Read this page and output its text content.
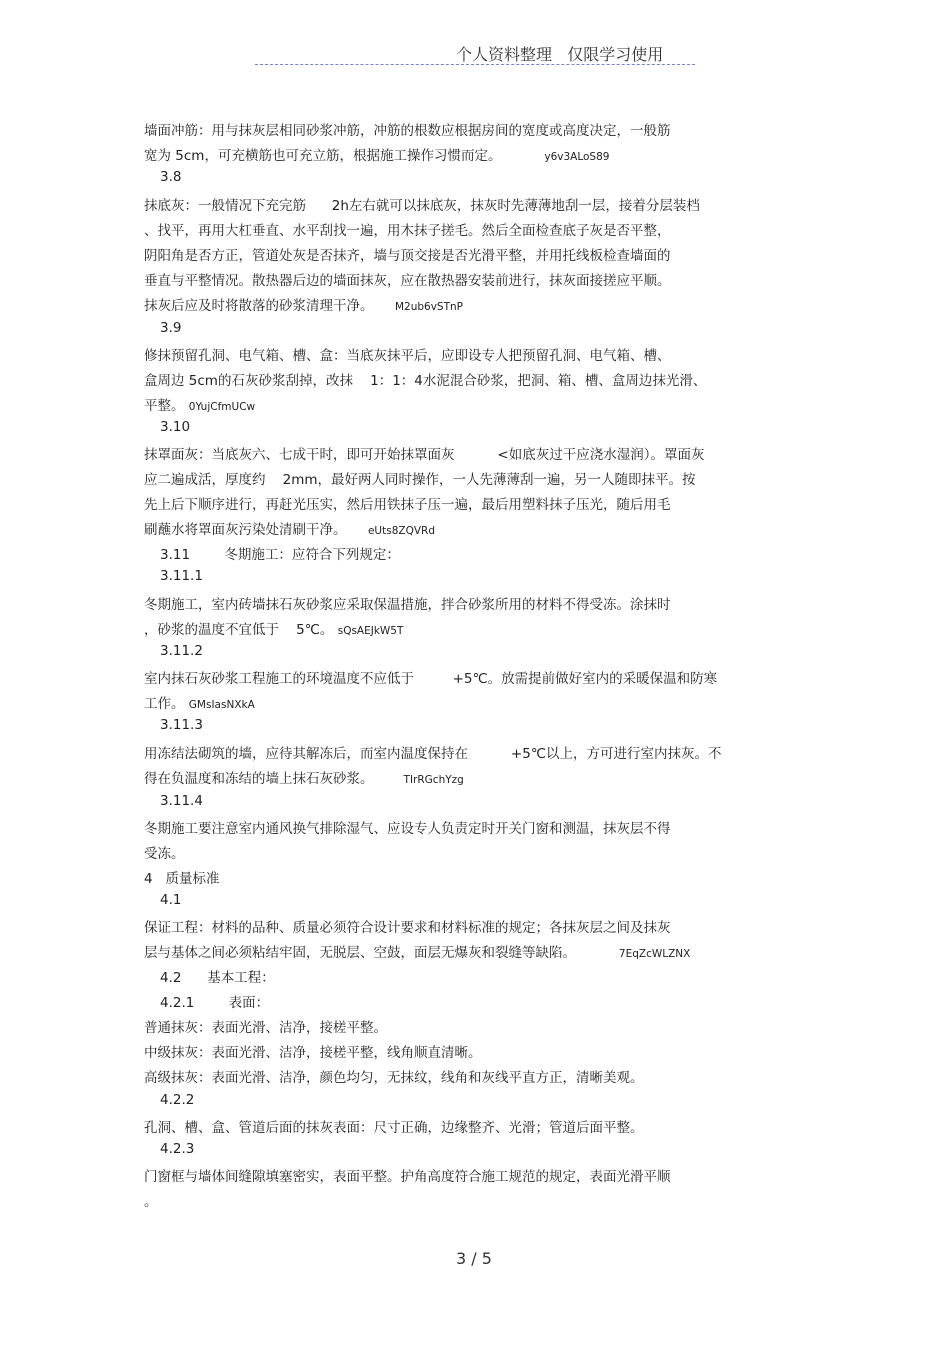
个人资料整理   仅限学习使用
墙面冲筋：用与抹灰层相同砂浆冲筋，冲筋的根数应根据房间的宽度或高度决定，一般筋
宽为 5cm，可充横筋也可充立筋，根据施工操作习惯而定。          y6v3ALoS89
3.8
抹底灰：一般情况下充完筋      2h左右就可以抹底灰，抹灰时先薄薄地刮一层，接着分层装档
、找平，再用大杠垂直、水平刮找一遍，用木抹子搓毛。然后全面检查底子灰是否平整，
阴阳角是否方正，管道处灰是否抹齐，墙与顶交接是否光滑平整，并用托线板检查墙面的
垂直与平整情况。散热器后边的墙面抹灰，应在散热器安装前进行，抹灰面接搓应平顺。
抹灰后应及时将散落的砂浆清理干净。     M2ub6vSTnP
3.9
修抹预留孔洞、电气箱、槽、盒：当底灰抹平后，应即设专人把预留孔洞、电气箱、槽、
盒周边 5cm的石灰砂浆刮掉，改抹    1：1：4水泥混合砂浆，把洞、箱、槽、盒周边抹光滑、
平整。 0YujCfmUCw
3.10
抹罩面灰：当底灰六、七成干时，即可开始抹罩面灰          <如底灰过干应浇水湿润）。罩面灰
应二遍成活，厚度约    2mm，最好两人同时操作，一人先薄薄刮一遍，另一人随即抹平。按
先上后下顺序进行，再赶光压实，然后用铁抹子压一遍，最后用塑料抹子压光，随后用毛
刷蘸水将罩面灰污染处清刷干净。     eUts8ZQVRd
3.11        冬期施工：应符合下列规定：
3.11.1
冬期施工，室内砖墙抹石灰砂浆应采取保温措施，拌合砂浆所用的材料不得受冻。涂抹时
，砂浆的温度不宜低于    5℃。 sQsAEJkW5T
3.11.2
室内抹石灰砂浆工程施工的环境温度不应低于         +5℃。放需提前做好室内的采暖保温和防寒
工作。 GMsIasNXkA
3.11.3
用冻结法砌筑的墙，应待其解冻后，而室内温度保持在          +5℃以上，方可进行室内抹灰。不
得在负温度和冻结的墙上抹石灰砂浆。       TIrRGchYzg
3.11.4
冬期施工要注意室内通风换气排除湿气、应设专人负责定时开关门窗和测温，抹灰层不得
受冻。
4   质量标准
4.1
保证工程：材料的品种、质量必须符合设计要求和材料标准的规定；各抹灰层之间及抹灰
层与基体之间必须粘结牢固，无脱层、空鼓，面层无爆灰和裂缝等缺陷。          7EqZcWLZNX
4.2      基本工程：
4.2.1        表面：
普通抹灰：表面光滑、洁净，接槎平整。
中级抹灰：表面光滑、洁净，接槎平整，线角顺直清晰。
高级抹灰：表面光滑、洁净，颜色均匀，无抹纹，线角和灰线平直方正，清晰美观。
4.2.2
孔洞、槽、盒、管道后面的抹灰表面：尺寸正确，边缘整齐、光滑；管道后面平整。
4.2.3
门窗框与墙体间缝隙填塞密实，表面平整。护角高度符合施工规范的规定，表面光滑平顺
。
3 / 5
